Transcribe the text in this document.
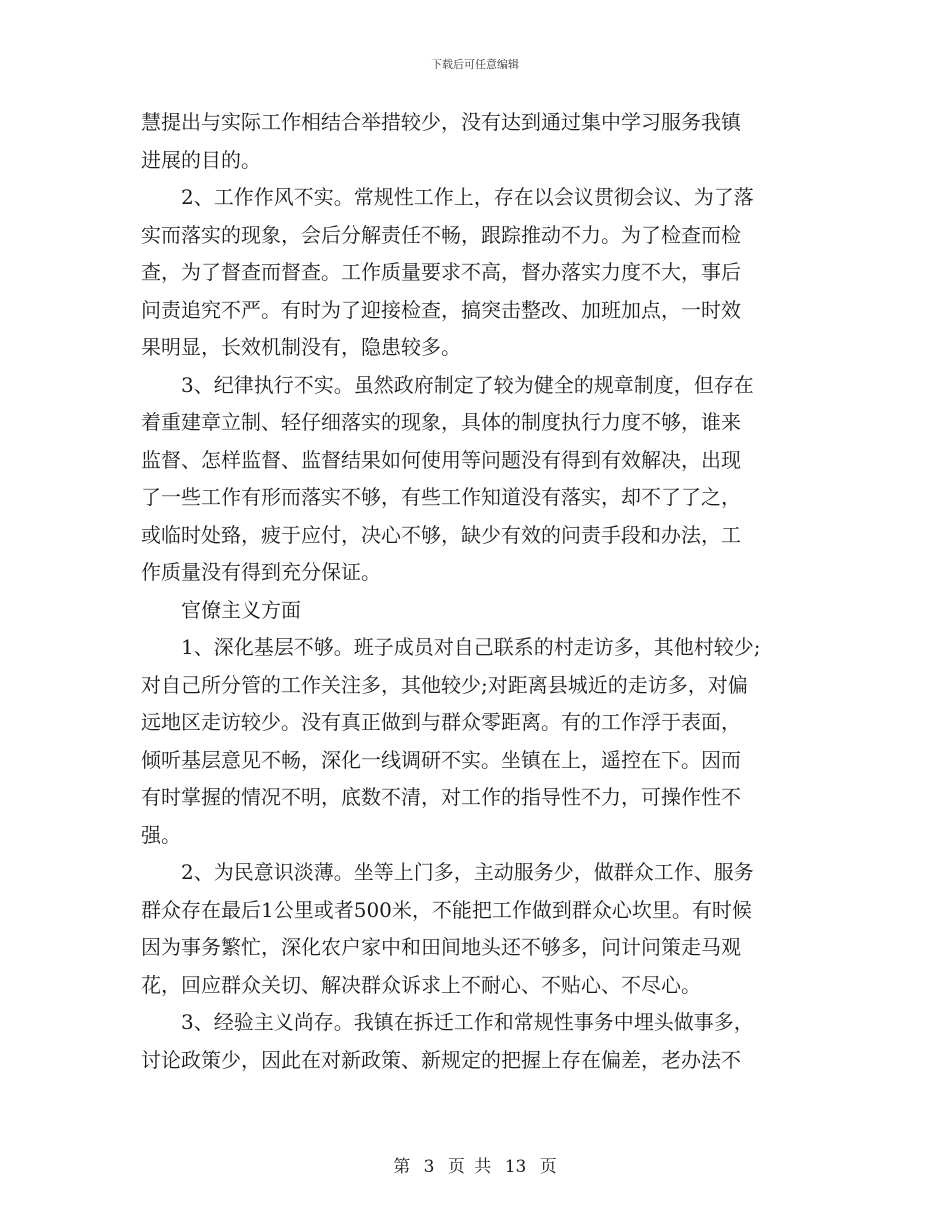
下载后可任意编辑
慧提出与实际工作相结合举措较少，没有达到通过集中学习服务我镇
进展的目的。
2、工作作风不实。常规性工作上，存在以会议贯彻会议、为了落
实而落实的现象，会后分解责任不畅，跟踪推动不力。为了检查而检
查，为了督查而督查。工作质量要求不高，督办落实力度不大，事后
问责追究不严。有时为了迎接检查，搞突击整改、加班加点，一时效
果明显，长效机制没有，隐患较多。
3、纪律执行不实。虽然政府制定了较为健全的规章制度，但存在
着重建章立制、轻仔细落实的现象，具体的制度执行力度不够，谁来
监督、怎样监督、监督结果如何使用等问题没有得到有效解决，出现
了一些工作有形而落实不够，有些工作知道没有落实，却不了了之，
或临时处臵，疲于应付，决心不够，缺少有效的问责手段和办法，工
作质量没有得到充分保证。
官僚主义方面
1、深化基层不够。班子成员对自己联系的村走访多，其他村较少;
对自己所分管的工作关注多，其他较少;对距离县城近的走访多，对偏
远地区走访较少。没有真正做到与群众零距离。有的工作浮于表面，
倾听基层意见不畅，深化一线调研不实。坐镇在上，遥控在下。因而
有时掌握的情况不明，底数不清，对工作的指导性不力，可操作性不
强。
2、为民意识淡薄。坐等上门多，主动服务少，做群众工作、服务
群众存在最后1公里或者500米，不能把工作做到群众心坎里。有时候
因为事务繁忙，深化农户家中和田间地头还不够多，问计问策走马观
花，回应群众关切、解决群众诉求上不耐心、不贴心、不尽心。
3、经验主义尚存。我镇在拆迁工作和常规性事务中埋头做事多，
讨论政策少，因此在对新政策、新规定的把握上存在偏差，老办法不
第 3 页 共 13 页
